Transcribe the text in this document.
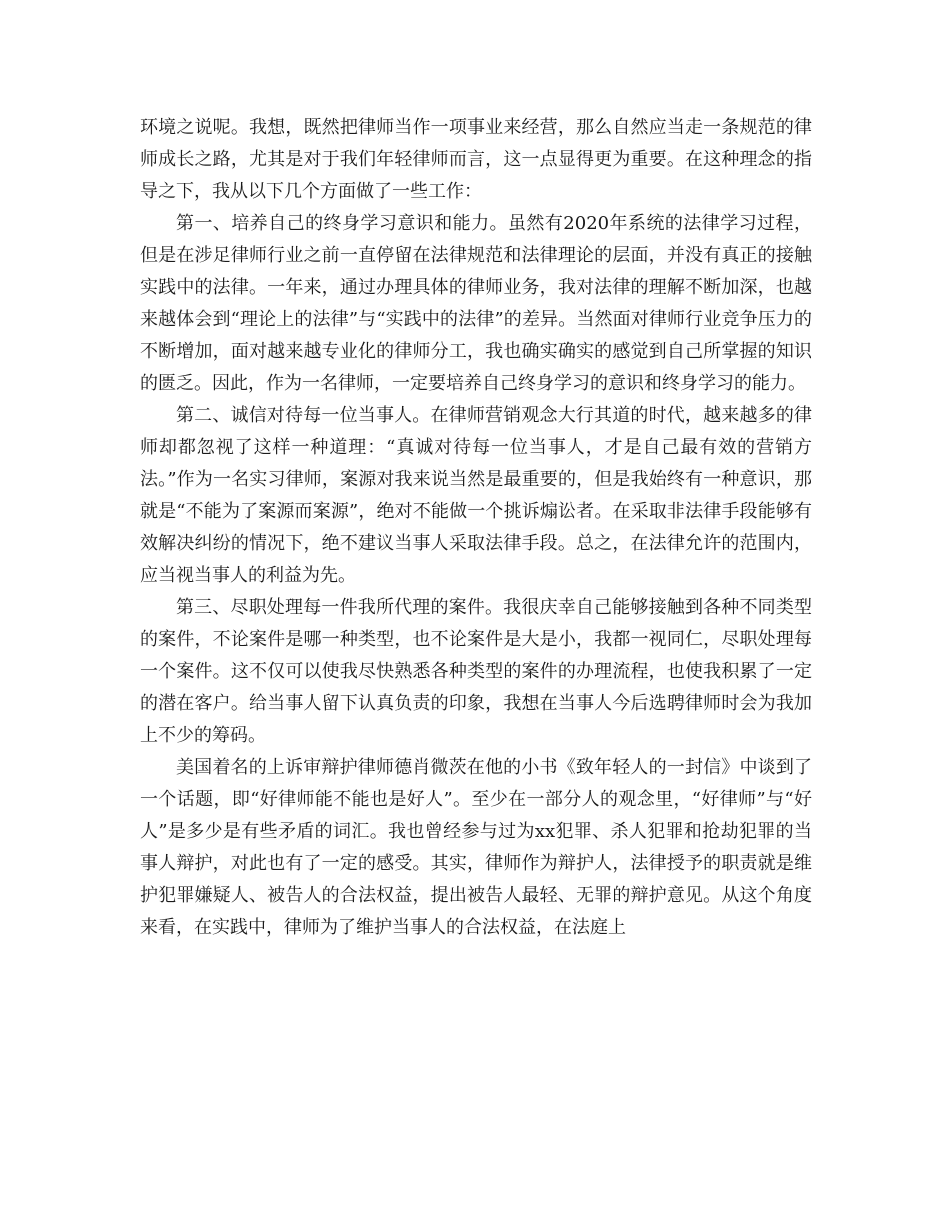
环境之说呢。我想，既然把律师当作一项事业来经营，那么自然应当走一条规范的律师成长之路，尤其是对于我们年轻律师而言，这一点显得更为重要。在这种理念的指导之下，我从以下几个方面做了一些工作：

第一、培养自己的终身学习意识和能力。虽然有2020年系统的法律学习过程，但是在涉足律师行业之前一直停留在法律规范和法律理论的层面，并没有真正的接触实践中的法律。一年来，通过办理具体的律师业务，我对法律的理解不断加深，也越来越体会到“理论上的法律”与“实践中的法律”的差异。当然面对律师行业竞争压力的不断增加，面对越来越专业化的律师分工，我也确实确实的感觉到自己所掌握的知识的匮乏。因此，作为一名律师，一定要培养自己终身学习的意识和终身学习的能力。

第二、诚信对待每一位当事人。在律师营销观念大行其道的时代，越来越多的律师却都忽视了这样一种道理：“真诚对待每一位当事人，才是自己最有效的营销方法。”作为一名实习律师，案源对我来说当然是最重要的，但是我始终有一种意识，那就是“不能为了案源而案源”，绝对不能做一个挑诉煽讼者。在采取非法律手段能够有效解决纠纷的情况下，绝不建议当事人采取法律手段。总之，在法律允许的范围内，应当视当事人的利益为先。

第三、尽职处理每一件我所代理的案件。我很庆幸自己能够接触到各种不同类型的案件，不论案件是哪一种类型，也不论案件是大是小，我都一视同仁，尽职处理每一个案件。这不仅可以使我尽快熟悉各种类型的案件的办理流程，也使我积累了一定的潜在客户。给当事人留下认真负责的印象，我想在当事人今后选聘律师时会为我加上不少的筹码。

美国着名的上诉审辩护律师德肖微茨在他的小书《致年轻人的一封信》中谈到了一个话题，即“好律师能不能也是好人”。至少在一部分人的观念里，“好律师”与“好人”是多少是有些矛盾的词汇。我也曾经参与过为xx犯罪、杀人犯罪和抢劫犯罪的当事人辩护，对此也有了一定的感受。其实，律师作为辩护人，法律授予的职责就是维护犯罪嫌疑人、被告人的合法权益，提出被告人最轻、无罪的辩护意见。从这个角度来看，在实践中，律师为了维护当事人的合法权益，在法庭上
